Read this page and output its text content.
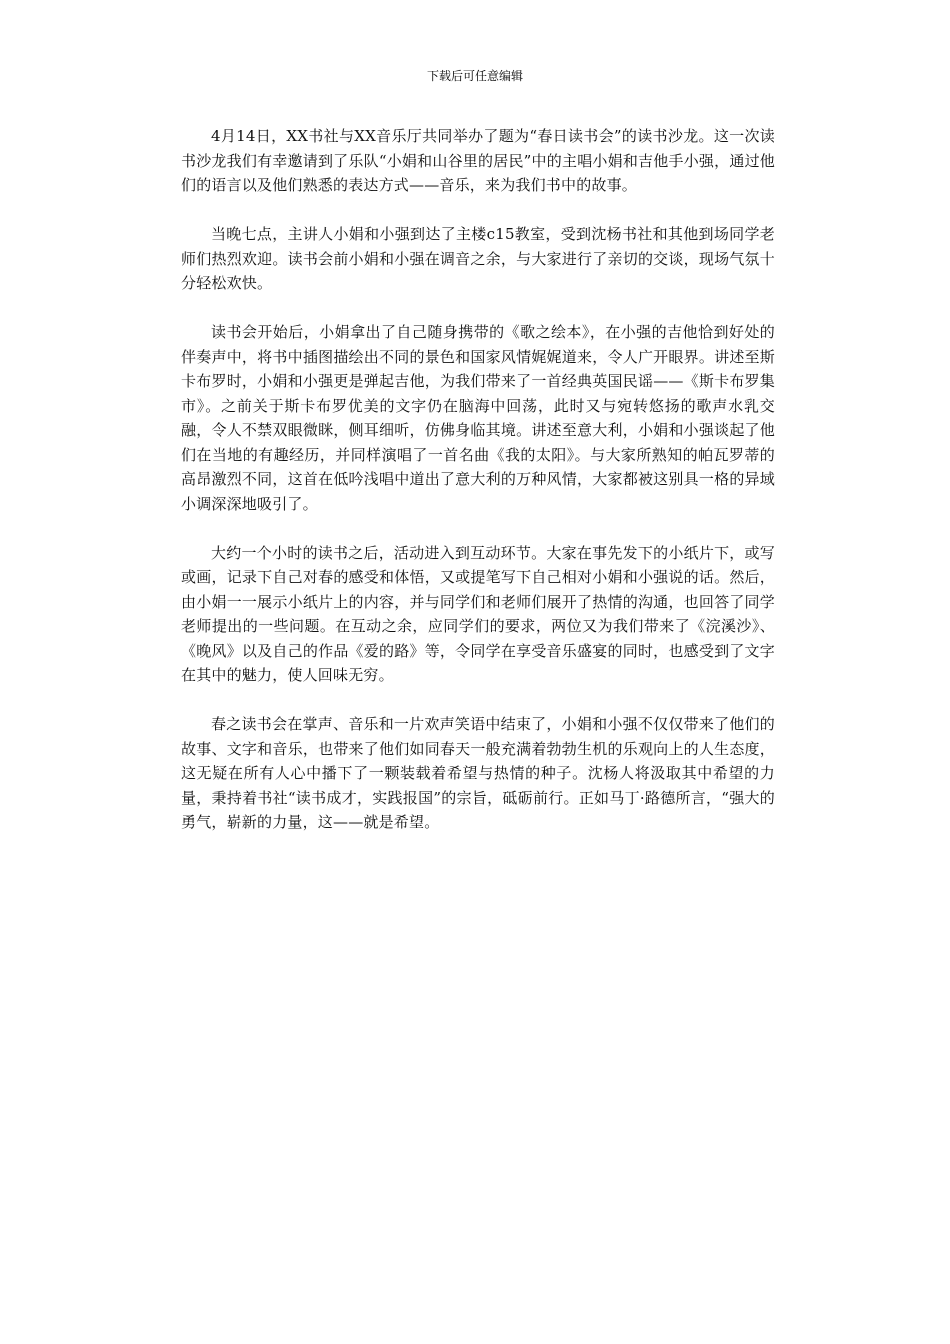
下载后可任意编辑

4月14日，XX书社与XX音乐厅共同举办了题为“春日读书会”的读书沙龙。这一次读书沙龙我们有幸邀请到了乐队“小娟和山谷里的居民”中的主唱小娟和吉他手小强，通过他们的语言以及他们熟悉的表达方式——音乐，来为我们书中的故事。

当晚七点，主讲人小娟和小强到达了主楼c15教室，受到沈杨书社和其他到场同学老师们热烈欢迎。读书会前小娟和小强在调音之余，与大家进行了亲切的交谈，现场气氛十分轻松欢快。

读书会开始后，小娟拿出了自己随身携带的《歌之绘本》，在小强的吉他恰到好处的伴奏声中，将书中插图描绘出不同的景色和国家风情娓娓道来，令人广开眼界。讲述至斯卡布罗时，小娟和小强更是弹起吉他，为我们带来了一首经典英国民谣——《斯卡布罗集市》。之前关于斯卡布罗优美的文字仍在脑海中回荡，此时又与宛转悠扬的歌声水乳交融，令人不禁双眼微眯，侧耳细听，仿佛身临其境。讲述至意大利，小娟和小强谈起了他们在当地的有趣经历，并同样演唱了一首名曲《我的太阳》。与大家所熟知的帕瓦罗蒂的高昂激烈不同，这首在低吟浅唱中道出了意大利的万种风情，大家都被这别具一格的异域小调深深地吸引了。

大约一个小时的读书之后，活动进入到互动环节。大家在事先发下的小纸片下，或写或画，记录下自己对春的感受和体悟，又或提笔写下自己相对小娟和小强说的话。然后，由小娟一一展示小纸片上的内容，并与同学们和老师们展开了热情的沟通，也回答了同学老师提出的一些问题。在互动之余，应同学们的要求，两位又为我们带来了《浣溪沙》、《晚风》以及自己的作品《爱的路》等，令同学在享受音乐盛宴的同时，也感受到了文字在其中的魅力，使人回味无穷。

春之读书会在掌声、音乐和一片欢声笑语中结束了，小娟和小强不仅仅带来了他们的故事、文字和音乐，也带来了他们如同春天一般充满着勃勃生机的乐观向上的人生态度，这无疑在所有人心中播下了一颗装载着希望与热情的种子。沈杨人将汲取其中希望的力量，秉持着书社“读书成才，实践报国”的宗旨，砥砺前行。正如马丁·路德所言，“强大的勇气，崭新的力量，这——就是希望。
